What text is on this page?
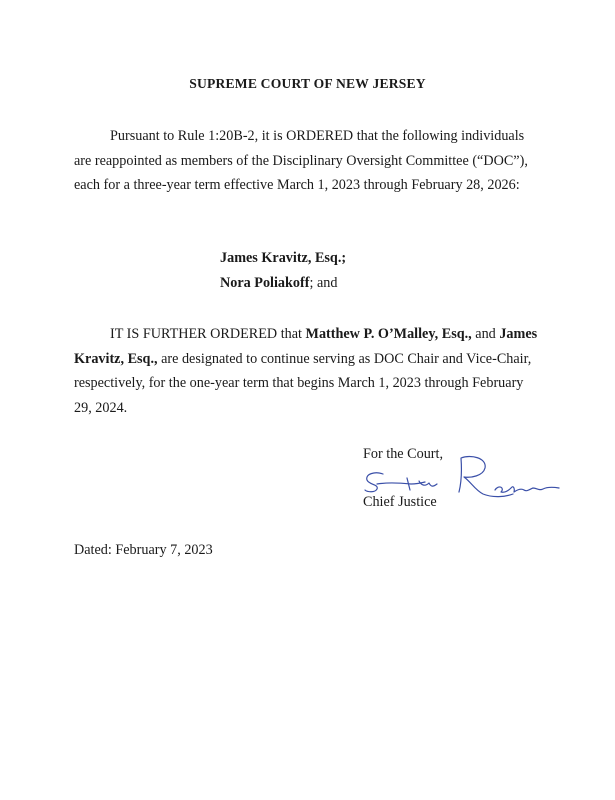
SUPREME COURT OF NEW JERSEY

Pursuant to Rule 1:20B-2, it is ORDERED that the following individuals are reappointed as members of the Disciplinary Oversight Committee (“DOC”), each for a three-year term effective March 1, 2023 through February 28, 2026:

James Kravitz, Esq.;
Nora Poliakoff; and

IT IS FURTHER ORDERED that Matthew P. O’Malley, Esq., and James Kravitz, Esq., are designated to continue serving as DOC Chair and Vice-Chair, respectively, for the one-year term that begins March 1, 2023 through February 29, 2024.

For the Court,
Chief Justice
Dated: February 7, 2023
